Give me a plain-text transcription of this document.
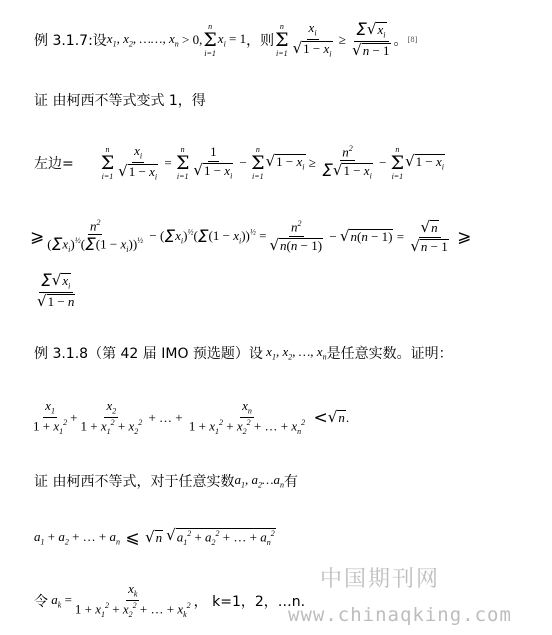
例 3.1.7:设 $x_1$, $x_2$, ……, $x_n > 0$,
n
Σ
i=1
$x_i = 1$ ，则
n
Σ
$i=1 \frac{x_i}{√ 1 - x_i} \ge \frac{\Sigma √ x_i}{√ n - 1}$ 。 [8]
证 由柯西不等式变式 1，得
左边=
n
Σ
$i=1 \frac{x_i}{√ 1 - x_i}$ =
n
Σ
$i=1 \frac{1}{√ 1 - x_i}$ −
n
Σ
i=1
√ $1 - x_i \ge \frac{n^2}{\Sigma √ 1 - x_i}$ −
n
Σ
i=1
√ $1 - x_i$
⩾ $\frac{n^2}{(\Sigma x_i)^{\frac{1}{2}}(\Sigma(1 - x_i))^{\frac{1}{2}}} - (\Sigma x_i)^{\frac{1}{2}}(\Sigma(1 - x_i))^{\frac{1}{2}} = \frac{n^2}{√ n(n - 1)}$ − √ $n(n - 1) = \frac{√ n}{√ n - 1}$ ⩾
$\frac{\Sigma √ x_i}{√ 1 - n}$
例 3.1.8（第 42 届 IMO 预选题）设 $x_1$, $x_2$, …, $x_n$ 是任意实数。证明：
$\frac{x_1}{1 + x_1^2} + \frac{x_2}{1 + x_1^2 + x_2^2}$ + … + $\frac{x_n}{1 + x_1^2 + x_2^2 + \dots + x_n^2}$ < √ n .
证 由柯西不等式，对于任意实数 $a_1$, $a_2\dots a_n$ 有
$a_1 + a_2$ + … + $a_n$ ⩽ √ n √ $a_1^2 + a_2^2$ + … + $a_n^2$
令 $a_k = \frac{x_k}{1 + x_1^2 + x_2^2 + \dots + x_k^2}$ ， k=1，2，…n.
中国期刊网
www.chinaqking.com
